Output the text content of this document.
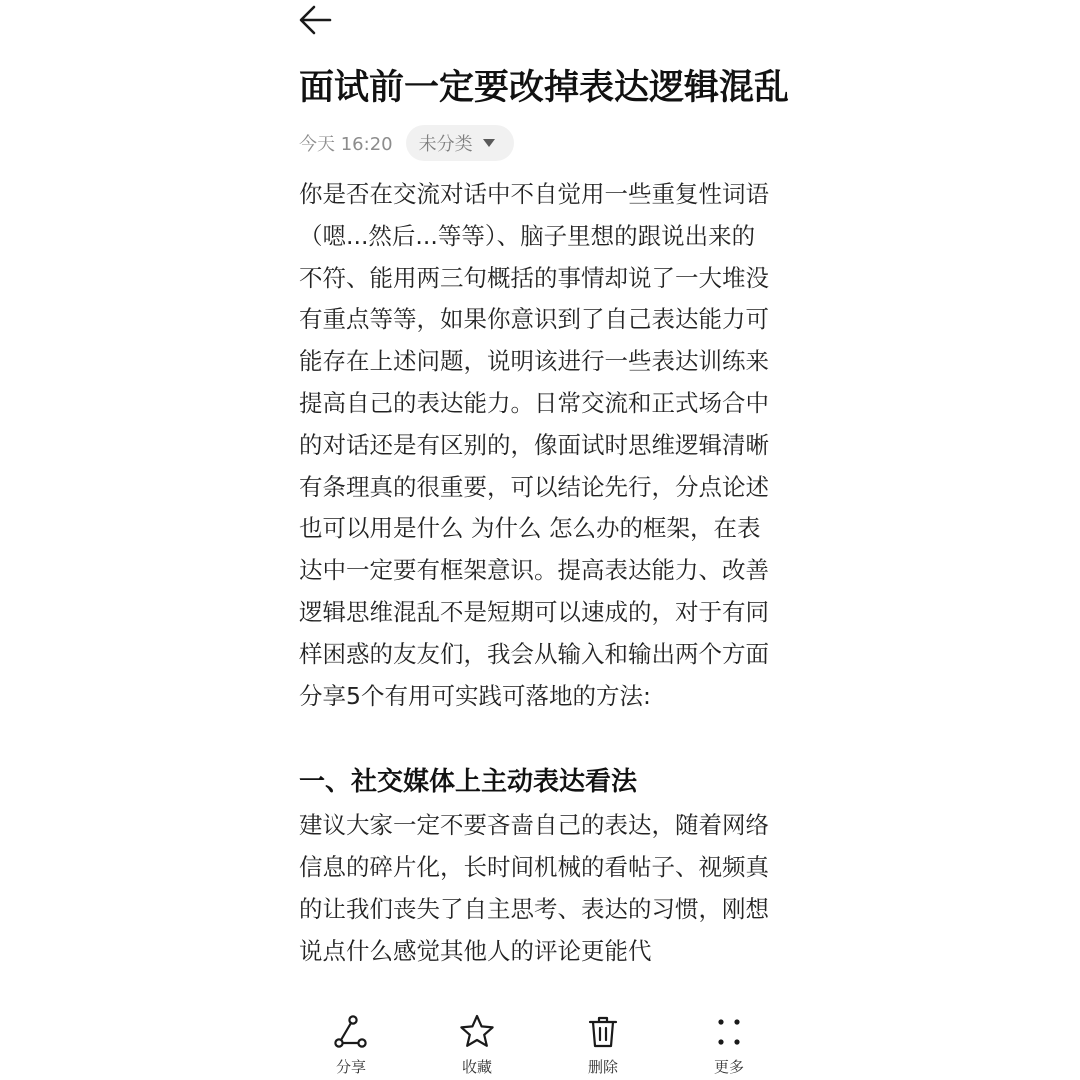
面试前一定要改掉表达逻辑混乱
今天 16:20 未分类

你是否在交流对话中不自觉用一些重复性词语（嗯...然后...等等）、脑子里想的跟说出来的不符、能用两三句概括的事情却说了一大堆没有重点等等，如果你意识到了自己表达能力可能存在上述问题，说明该进行一些表达训练来提高自己的表达能力。日常交流和正式场合中的对话还是有区别的，像面试时思维逻辑清晰有条理真的很重要，可以结论先行，分点论述也可以用是什么 为什么 怎么办的框架，在表达中一定要有框架意识。提高表达能力、改善逻辑思维混乱不是短期可以速成的，对于有同样困惑的友友们，我会从输入和输出两个方面分享5个有用可实践可落地的方法:

一、社交媒体上主动表达看法

建议大家一定不要吝啬自己的表达，随着网络信息的碎片化，长时间机械的看帖子、视频真的让我们丧失了自主思考、表达的习惯，刚想说点什么感觉其他人的评论更能代

分享	收藏	删除	更多
